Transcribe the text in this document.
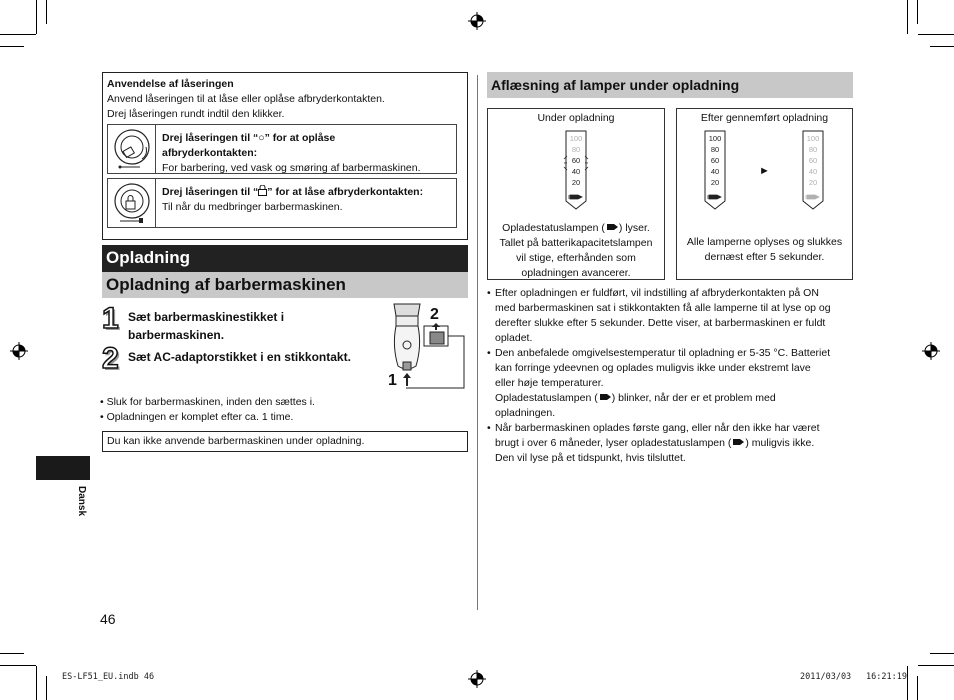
Anvendelse af låseringen
Anvend låseringen til at låse eller oplåse afbryderkontakten.
Drej låseringen rundt indtil den klikker.
Drej låseringen til “○” for at oplåse
afbryderkontakten:
For barbering, ved vask og smøring af barbermaskinen.
Drej låseringen til “ ” for at låse afbryderkontakten:
Til når du medbringer barbermaskinen.
Opladning
Opladning af barbermaskinen
1 Sæt barbermaskinestikket i
barbermaskinen.
2 Sæt AC-adaptorstikket i en stikkontakt.
2
1
• Sluk for barbermaskinen, inden den sættes i.
• Opladningen er komplet efter ca. 1 time.
Du kan ikke anvende barbermaskinen under opladning.
Dansk
46
Aflæsning af lamper under opladning
Under opladning
100
80
60
40
20
Opladestatuslampen ( ) lyser.
Tallet på batterikapacitetslampen
vil stige, efterhånden som
opladningen avancerer.
Efter gennemført opladning
100
80
60
40
20
►
100
80
60
40
20
Alle lamperne oplyses og slukkes
dernæst efter 5 sekunder.
• Efter opladningen er fuldført, vil indstilling af afbryderkontakten på ON
med barbermaskinen sat i stikkontakten få alle lamperne til at lyse op og
derefter slukke efter 5 sekunder. Dette viser, at barbermaskinen er fuldt
opladet.
• Den anbefalede omgivelsestemperatur til opladning er 5-35 °C. Batteriet
kan forringe ydeevnen og oplades muligvis ikke under ekstremt lave
eller høje temperaturer.
Opladestatuslampen ( ) blinker, når der er et problem med
opladningen.
• Når barbermaskinen oplades første gang, eller når den ikke har været
brugt i over 6 måneder, lyser opladestatuslampen ( ) muligvis ikke.
Den vil lyse på et tidspunkt, hvis tilsluttet.
ES-LF51_EU.indb 46	2011/03/03 16:21:19
